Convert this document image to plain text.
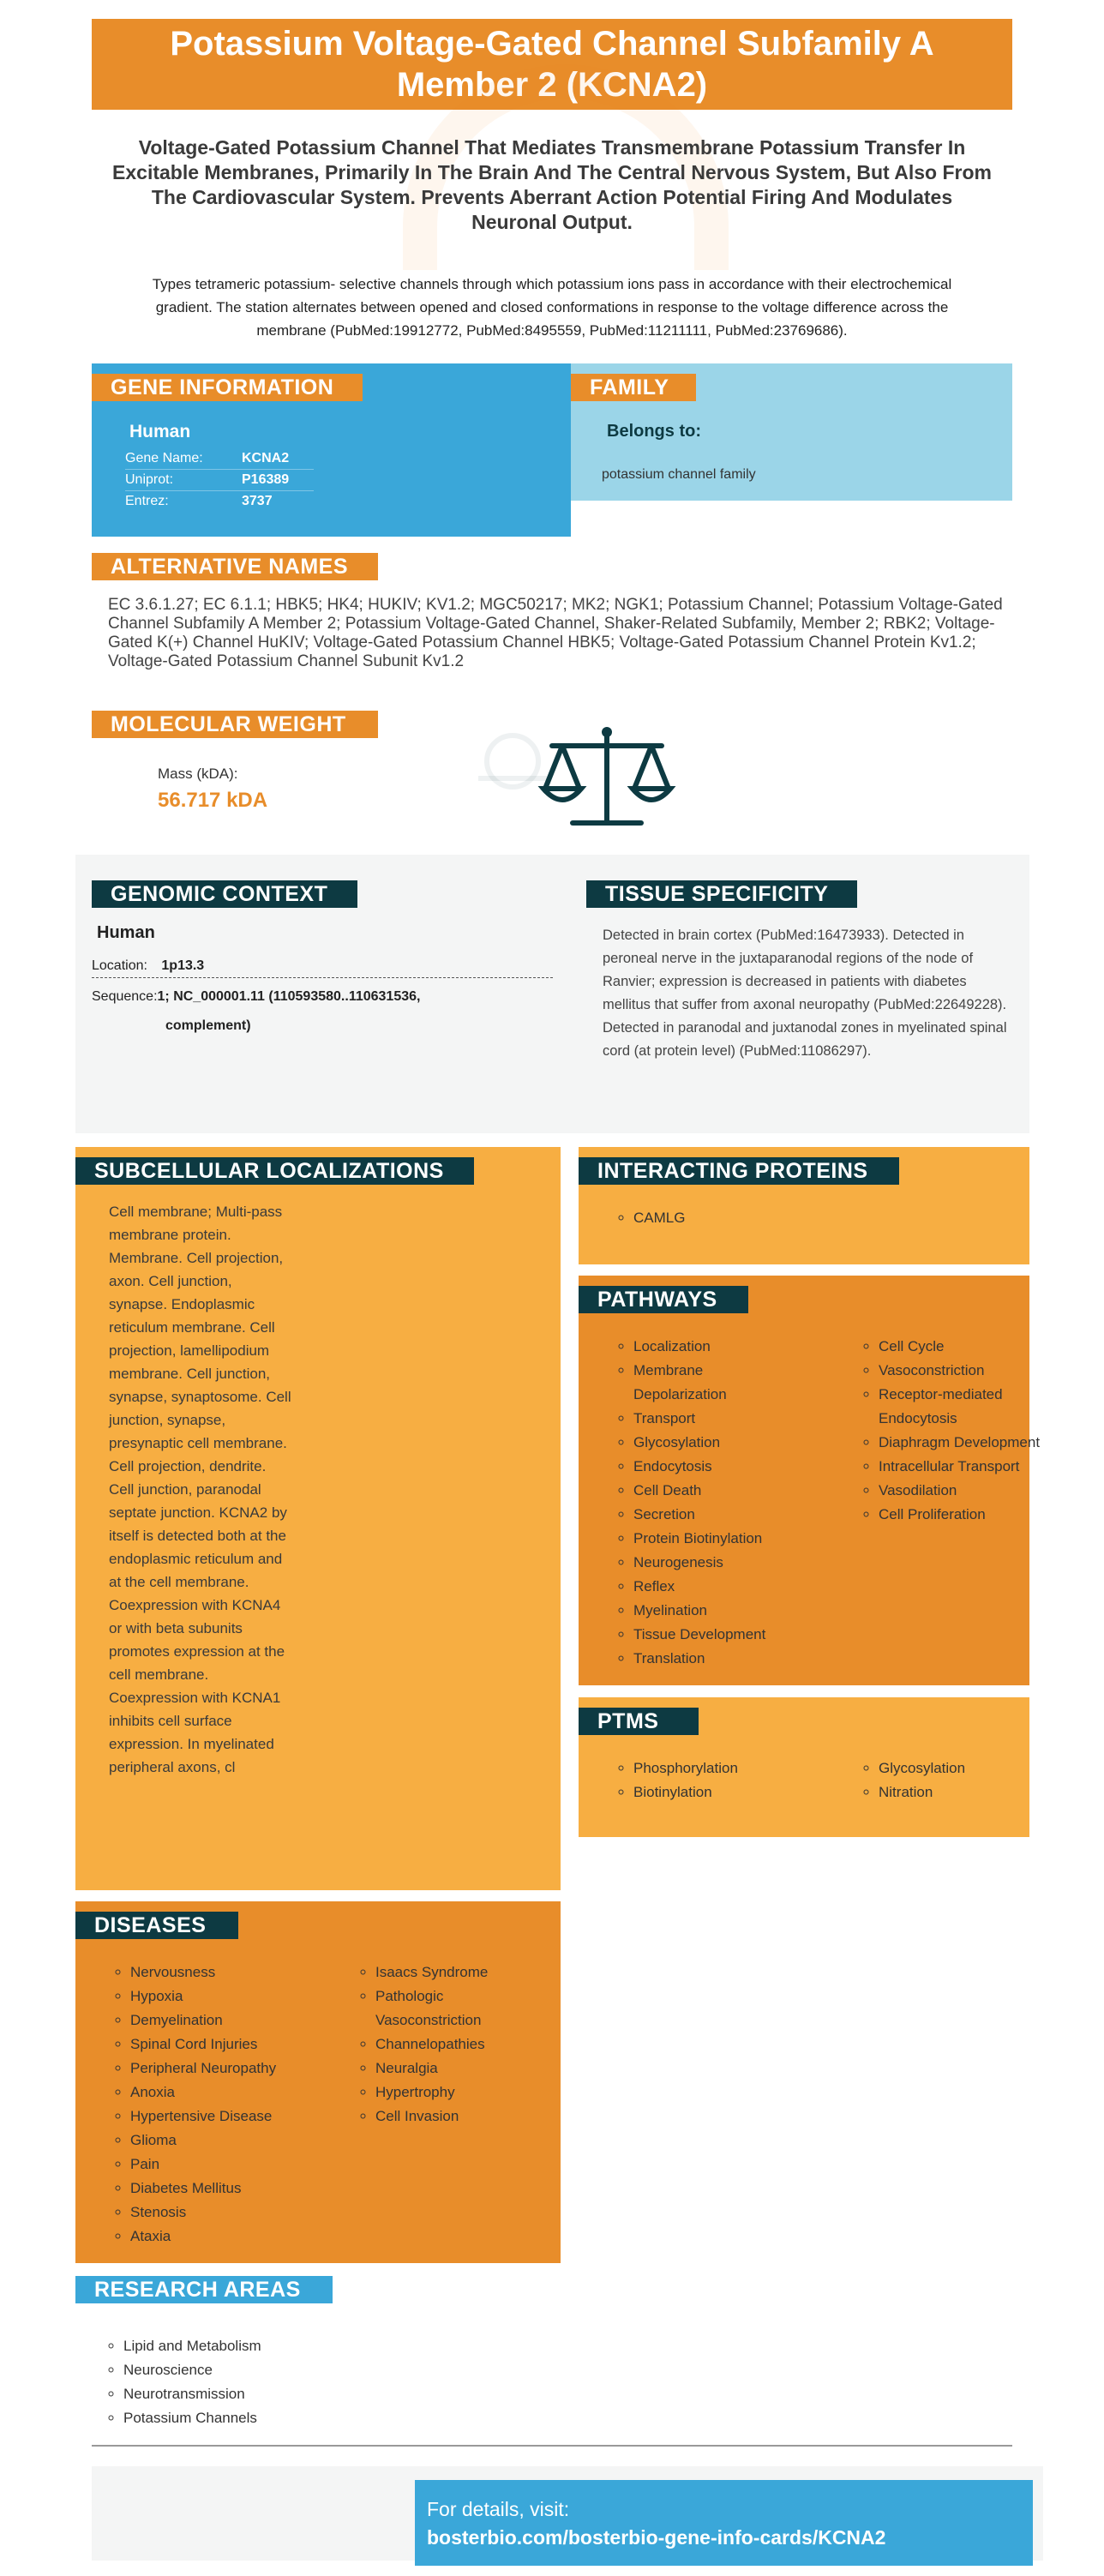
Potassium Voltage-Gated Channel Subfamily A Member 2 (KCNA2)
Voltage-Gated Potassium Channel That Mediates Transmembrane Potassium Transfer In Excitable Membranes, Primarily In The Brain And The Central Nervous System, But Also From The Cardiovascular System. Prevents Aberrant Action Potential Firing And Modulates Neuronal Output.
Types tetrameric potassium- selective channels through which potassium ions pass in accordance with their electrochemical gradient. The station alternates between opened and closed conformations in response to the voltage difference across the membrane (PubMed:19912772, PubMed:8495559, PubMed:11211111, PubMed:23769686).
GENE INFORMATION
Human
Gene Name:	KCNA2
Uniprot:	P16389
Entrez:	3737
FAMILY
Belongs to:
potassium channel family
ALTERNATIVE NAMES
EC 3.6.1.27; EC 6.1.1; HBK5; HK4; HUKIV; KV1.2; MGC50217; MK2; NGK1; Potassium Channel; Potassium Voltage-Gated Channel Subfamily A Member 2; Potassium Voltage-Gated Channel, Shaker-Related Subfamily, Member 2; RBK2; Voltage-Gated K(+) Channel HuKIV; Voltage-Gated Potassium Channel HBK5; Voltage-Gated Potassium Channel Protein Kv1.2; Voltage-Gated Potassium Channel Subunit Kv1.2
MOLECULAR WEIGHT
Mass (kDA):
56.717 kDA
GENOMIC CONTEXT
Human
Location: 1p13.3
Sequence:1; NC_000001.11 (110593580..110631536,
complement)
TISSUE SPECIFICITY
Detected in brain cortex (PubMed:16473933). Detected in peroneal nerve in the juxtaparanodal regions of the node of Ranvier; expression is decreased in patients with diabetes mellitus that suffer from axonal neuropathy (PubMed:22649228). Detected in paranodal and juxtanodal zones in myelinated spinal cord (at protein level) (PubMed:11086297).
SUBCELLULAR LOCALIZATIONS
Cell membrane; Multi-pass membrane protein. Membrane. Cell projection, axon. Cell junction, synapse. Endoplasmic reticulum membrane. Cell projection, lamellipodium membrane. Cell junction, synapse, synaptosome. Cell junction, synapse, presynaptic cell membrane. Cell projection, dendrite. Cell junction, paranodal septate junction. KCNA2 by itself is detected both at the endoplasmic reticulum and at the cell membrane. Coexpression with KCNA4 or with beta subunits promotes expression at the cell membrane. Coexpression with KCNA1 inhibits cell surface expression. In myelinated peripheral axons, cl
INTERACTING PROTEINS
◦ CAMLG
PATHWAYS
◦ Localization
◦ Membrane Depolarization
◦ Transport
◦ Glycosylation
◦ Endocytosis
◦ Cell Death
◦ Secretion
◦ Protein Biotinylation
◦ Neurogenesis
◦ Reflex
◦ Myelination
◦ Tissue Development
◦ Translation
◦ Cell Cycle
◦ Vasoconstriction
◦ Receptor-mediated Endocytosis
◦ Diaphragm Development
◦ Intracellular Transport
◦ Vasodilation
◦ Cell Proliferation
PTMS
◦ Phosphorylation
◦ Biotinylation
◦ Glycosylation
◦ Nitration
DISEASES
◦ Nervousness
◦ Hypoxia
◦ Demyelination
◦ Spinal Cord Injuries
◦ Peripheral Neuropathy
◦ Anoxia
◦ Hypertensive Disease
◦ Glioma
◦ Pain
◦ Diabetes Mellitus
◦ Stenosis
◦ Ataxia
◦ Isaacs Syndrome
◦ Pathologic Vasoconstriction
◦ Channelopathies
◦ Neuralgia
◦ Hypertrophy
◦ Cell Invasion
RESEARCH AREAS
◦ Lipid and Metabolism
◦ Neuroscience
◦ Neurotransmission
◦ Potassium Channels
For details, visit:
bosterbio.com/bosterbio-gene-info-cards/KCNA2
